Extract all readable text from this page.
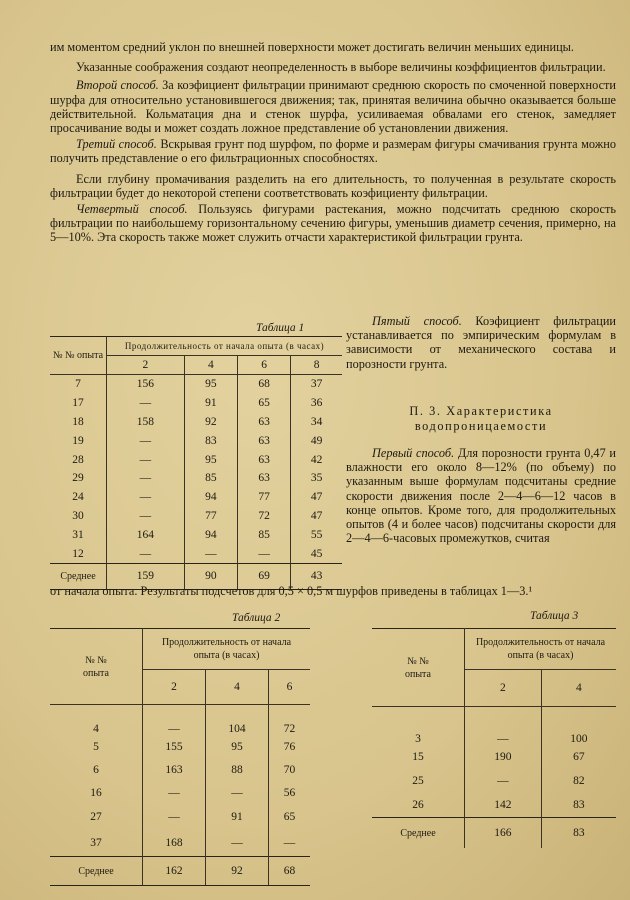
им моментом средний уклон по внешней поверхности может достигать величин меньших единицы.

Указанные соображения создают неопределенность в выборе величины коэффициентов фильтрации.

Второй способ. За коэфициент фильтрации принимают среднюю скорость по смоченной поверхности шурфа для относительно установившегося движения; так, принятая величина обычно оказывается больше действительной. Кольматация дна и стенок шурфа, усиливаемая обвалами его стенок, замедляет просачивание воды и может создать ложное представление об установлении движения.

Третий способ. Вскрывая грунт под шурфом, по форме и размерам фигуры смачивания грунта можно получить представление о его фильтрационных способностях.

Если глубину промачивания разделить на его длительность, то полученная в результате скорость фильтрации будет до некоторой степени соответствовать коэфициенту фильтрации.

Четвертый способ. Пользуясь фигурами растекания, можно подсчитать среднюю скорость фильтрации по наибольшему горизонтальному сечению фигуры, уменьшив диаметр сечения, примерно, на 5—10%. Эта скорость также может служить отчасти характеристикой фильтрации грунта.

Таблица 1
№ № опыта	Продолжительность от начала опыта (в часах)			
	2	4	6	8
7	156	95	68	37
17	—	91	65	36
18	158	92	63	34
19	—	83	63	49
28	—	95	63	42
29	—	85	63	35
24	—	94	77	47
30	—	77	72	47
31	164	94	85	55
12	—	—	—	45
Среднее	159	90	69	43

Пятый способ. Коэфициент фильтрации устанавливается по эмпирическим формулам в зависимости от механического состава и порозности грунта.

П. 3. Характеристика водопроницаемости

Первый способ. Для порозности грунта 0,47 и влажности его около 8—12% (по объему) по указанным выше формулам подсчитаны средние скорости движения после 2—4—6—12 часов в конце опытов. Кроме того, для продолжительных опытов (4 и более часов) подсчитаны скорости для 2—4—6-часовых промежутков, считая

от начала опыта. Результаты подсчетов для 0,5 × 0,5 м шурфов приведены в таблицах 1—3.¹

Таблица 2	Таблица 3
№ №
опыта	Продолжительность от начала опыта (в часах)		
	2	4	6
4	—	104	72
5	155	95	76
6	163	88	70
16	—	—	56
27	—	91	65
37	168	—	—
Среднее	162	92	68
№ №
опыта	Продолжительность от начала опыта (в часах)	
	2	4
3	—	100
15	190	67
25	—	82
26	142	83
Среднее	166	83
